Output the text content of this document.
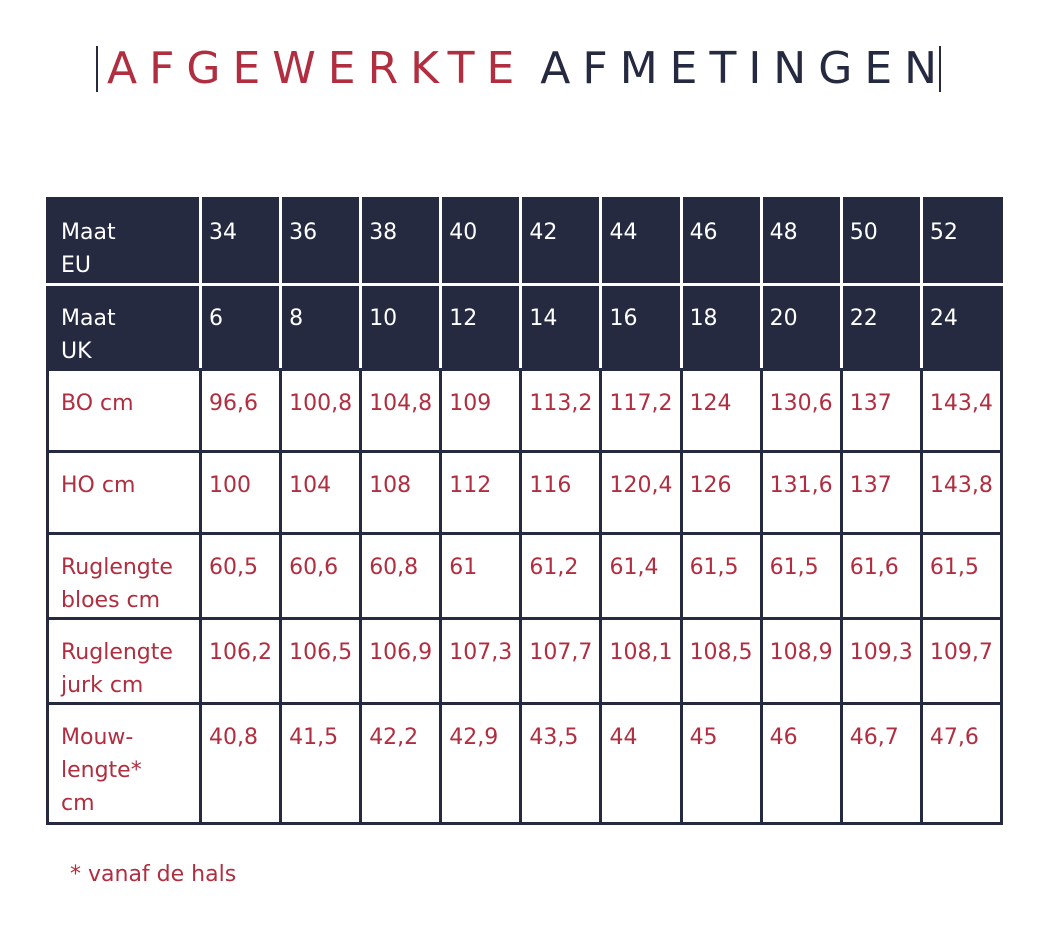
AFGEWERKTE AFMETINGEN
Maat EU	34	36	38	40	42	44	46	48	50	52
Maat UK	6	8	10	12	14	16	18	20	22	24
BO cm	96,6	100,8	104,8	109	113,2	117,2	124	130,6	137	143,4
HO cm	100	104	108	112	116	120,4	126	131,6	137	143,8
Ruglengte bloes cm	60,5	60,6	60,8	61	61,2	61,4	61,5	61,5	61,6	61,5
Ruglengte jurk cm	106,2	106,5	106,9	107,3	107,7	108,1	108,5	108,9	109,3	109,7
Mouw-lengte* cm	40,8	41,5	42,2	42,9	43,5	44	45	46	46,7	47,6
* vanaf de hals
